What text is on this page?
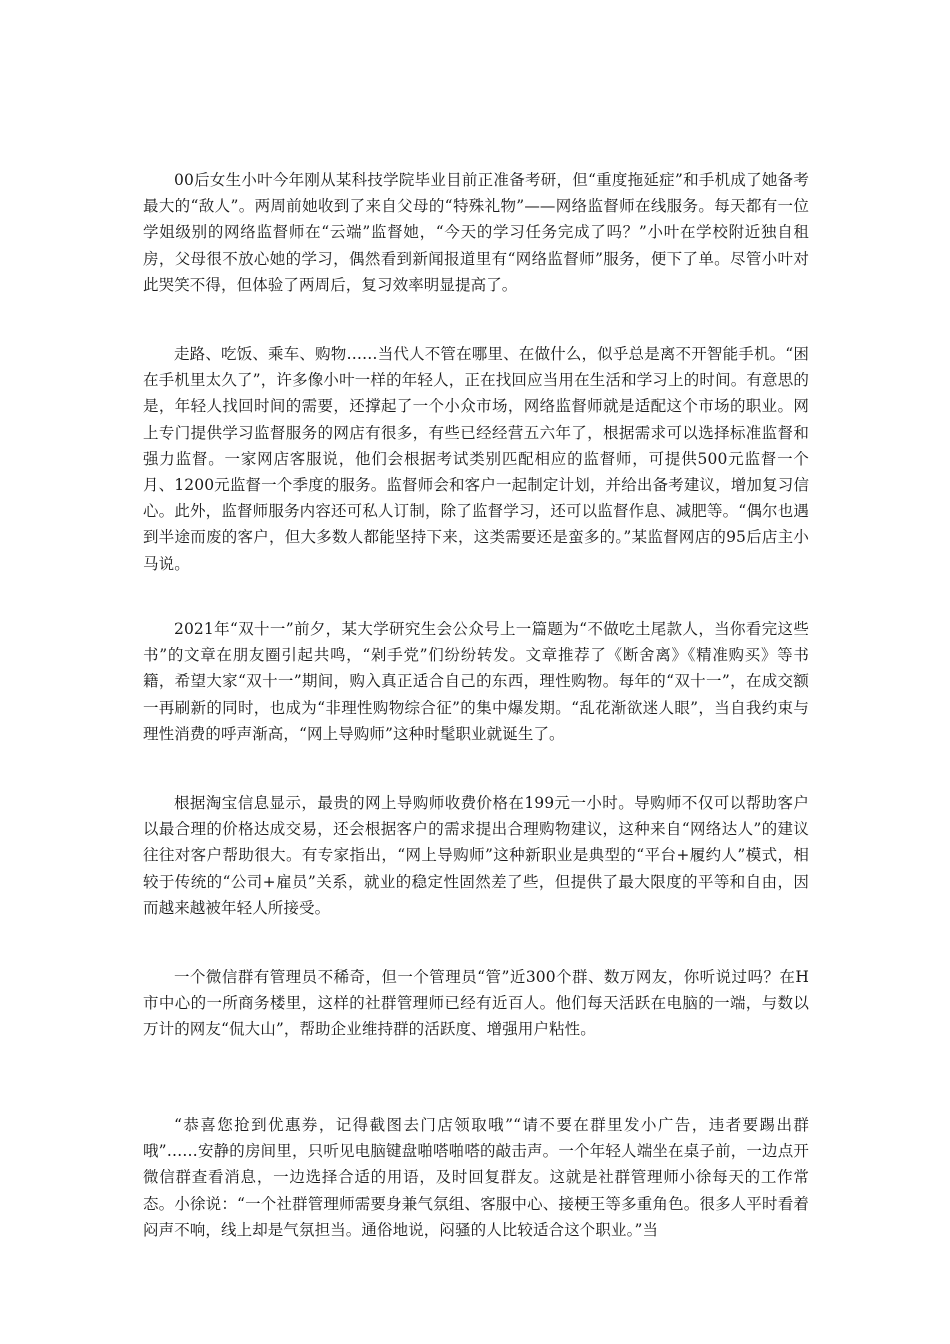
00后女生小叶今年刚从某科技学院毕业目前正准备考研，但“重度拖延症”和手机成了她备考最大的“敌人”。两周前她收到了来自父母的“特殊礼物”——网络监督师在线服务。每天都有一位学姐级别的网络监督师在“云端”监督她，“今天的学习任务完成了吗？”小叶在学校附近独自租房，父母很不放心她的学习，偶然看到新闻报道里有“网络监督师”服务，便下了单。尽管小叶对此哭笑不得，但体验了两周后，复习效率明显提高了。

走路、吃饭、乘车、购物……当代人不管在哪里、在做什么，似乎总是离不开智能手机。“困在手机里太久了”，许多像小叶一样的年轻人，正在找回应当用在生活和学习上的时间。有意思的是，年轻人找回时间的需要，还撑起了一个小众市场，网络监督师就是适配这个市场的职业。网上专门提供学习监督服务的网店有很多，有些已经经营五六年了，根据需求可以选择标准监督和强力监督。一家网店客服说，他们会根据考试类别匹配相应的监督师，可提供500元监督一个月、1200元监督一个季度的服务。监督师会和客户一起制定计划，并给出备考建议，增加复习信心。此外，监督师服务内容还可私人订制，除了监督学习，还可以监督作息、减肥等。“偶尔也遇到半途而废的客户，但大多数人都能坚持下来，这类需要还是蛮多的。”某监督网店的95后店主小马说。

2021年“双十一”前夕，某大学研究生会公众号上一篇题为“不做吃土尾款人，当你看完这些书”的文章在朋友圈引起共鸣，“剁手党”们纷纷转发。文章推荐了《断舍离》《精准购买》等书籍，希望大家“双十一”期间，购入真正适合自己的东西，理性购物。每年的“双十一”，在成交额一再刷新的同时，也成为“非理性购物综合征”的集中爆发期。“乱花渐欲迷人眼”，当自我约束与理性消费的呼声渐高，“网上导购师”这种时髦职业就诞生了。

根据淘宝信息显示，最贵的网上导购师收费价格在199元一小时。导购师不仅可以帮助客户以最合理的价格达成交易，还会根据客户的需求提出合理购物建议，这种来自“网络达人”的建议往往对客户帮助很大。有专家指出，“网上导购师”这种新职业是典型的“平台+履约人”模式，相较于传统的“公司+雇员”关系，就业的稳定性固然差了些，但提供了最大限度的平等和自由，因而越来越被年轻人所接受。

一个微信群有管理员不稀奇，但一个管理员“管”近300个群、数万网友，你听说过吗？在H市中心的一所商务楼里，这样的社群管理师已经有近百人。他们每天活跃在电脑的一端，与数以万计的网友“侃大山”，帮助企业维持群的活跃度、增强用户粘性。

“恭喜您抢到优惠券，记得截图去门店领取哦”“请不要在群里发小广告，违者要踢出群哦”……安静的房间里，只听见电脑键盘啪嗒啪嗒的敲击声。一个年轻人端坐在桌子前，一边点开微信群查看消息，一边选择合适的用语，及时回复群友。这就是社群管理师小徐每天的工作常态。小徐说：“一个社群管理师需要身兼气氛组、客服中心、接梗王等多重角色。很多人平时看着闷声不响，线上却是气氛担当。通俗地说，闷骚的人比较适合这个职业。”当
